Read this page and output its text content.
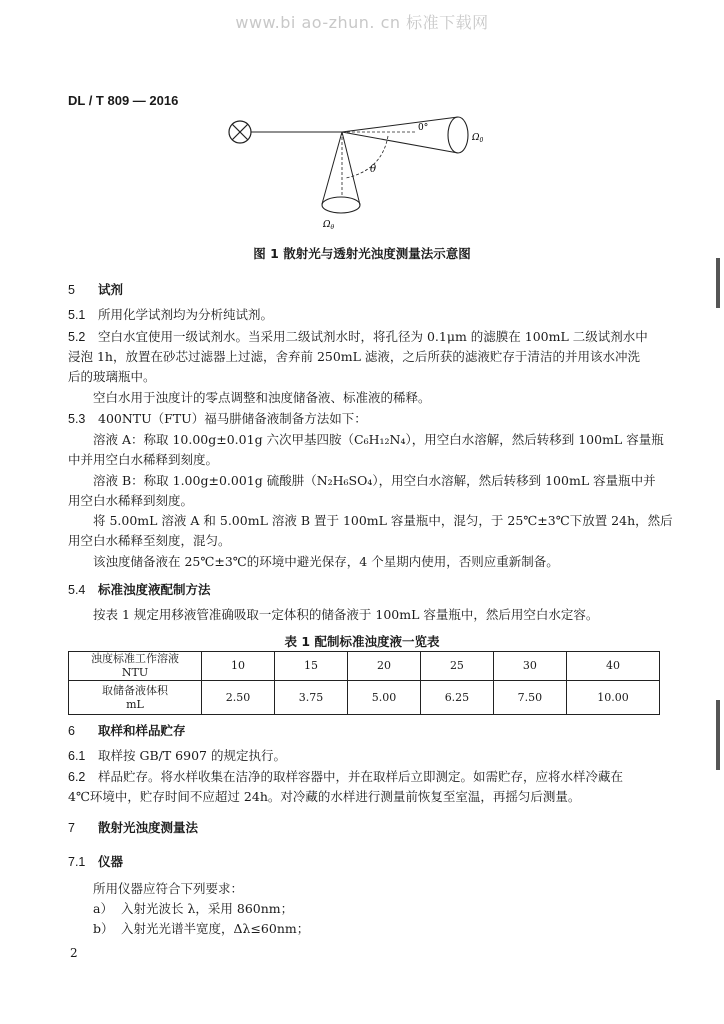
www.bi ao-zhun. cn 标准下载网
DL / T 809 — 2016
0°
θ
$\Omega_0$
$\Omega_\theta$
图 1 散射光与透射光浊度测量法示意图
5 试剂
5.1 所用化学试剂均为分析纯试剂。
5.2 空白水宜使用一级试剂水。当采用二级试剂水时，将孔径为 0.1μm 的滤膜在 100mL 二级试剂水中
浸泡 1h，放置在砂芯过滤器上过滤，舍弃前 250mL 滤液，之后所获的滤液贮存于清洁的并用该水冲洗
后的玻璃瓶中。
空白水用于浊度计的零点调整和浊度储备液、标准液的稀释。
5.3 400NTU（FTU）福马肼储备液制备方法如下：
溶液 A：称取 10.00g±0.01g 六次甲基四胺（C₆H₁₂N₄），用空白水溶解，然后转移到 100mL 容量瓶
中并用空白水稀释到刻度。
溶液 B：称取 1.00g±0.001g 硫酸肼（N₂H₆SO₄），用空白水溶解，然后转移到 100mL 容量瓶中并
用空白水稀释到刻度。
将 5.00mL 溶液 A 和 5.00mL 溶液 B 置于 100mL 容量瓶中，混匀，于 25℃±3℃下放置 24h，然后
用空白水稀释至刻度，混匀。
该浊度储备液在 25℃±3℃的环境中避光保存，4 个星期内使用，否则应重新制备。
5.4 标准浊度液配制方法
按表 1 规定用移液管准确吸取一定体积的储备液于 100mL 容量瓶中，然后用空白水定容。
表 1 配制标准浊度液一览表
浊度标准工作溶液
NTU	10	15	20	25	30	40

取储备液体积
mL	2.50	3.75	5.00	6.25	7.50	10.00
6 取样和样品贮存
6.1 取样按 GB/T 6907 的规定执行。
6.2 样品贮存。将水样收集在洁净的取样容器中，并在取样后立即测定。如需贮存，应将水样冷藏在
4℃环境中，贮存时间不应超过 24h。对冷藏的水样进行测量前恢复至室温，再摇匀后测量。
7 散射光浊度测量法
7.1 仪器
所用仪器应符合下列要求：
a） 入射光波长 λ，采用 860nm；
b） 入射光光谱半宽度，Δλ≤60nm；
2
